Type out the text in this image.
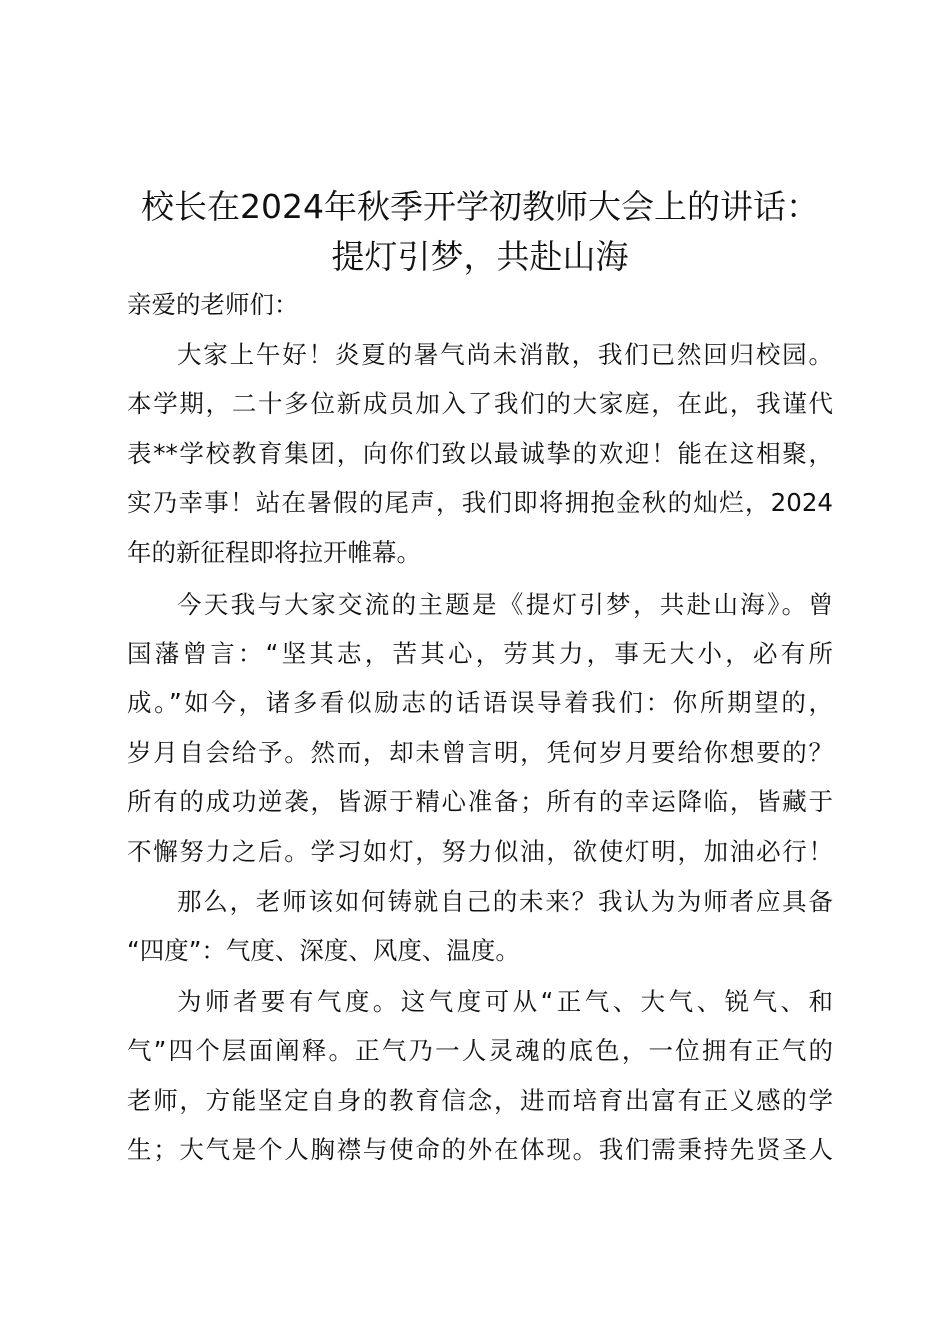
校长在2024年秋季开学初教师大会上的讲话：
提灯引梦，共赴山海

亲爱的老师们：

大家上午好！炎夏的暑气尚未消散，我们已然回归校园。

本学期，二十多位新成员加入了我们的大家庭，在此，我谨代

表**学校教育集团，向你们致以最诚挚的欢迎！能在这相聚，

实乃幸事！站在暑假的尾声，我们即将拥抱金秋的灿烂，2024

年的新征程即将拉开帷幕。

今天我与大家交流的主题是《提灯引梦，共赴山海》。曾

国藩曾言：“坚其志，苦其心，劳其力，事无大小，必有所

成。”如今，诸多看似励志的话语误导着我们：你所期望的，

岁月自会给予。然而，却未曾言明，凭何岁月要给你想要的？

所有的成功逆袭，皆源于精心准备；所有的幸运降临，皆藏于

不懈努力之后。学习如灯，努力似油，欲使灯明，加油必行！

那么，老师该如何铸就自己的未来？我认为为师者应具备

“四度”：气度、深度、风度、温度。

为师者要有气度。这气度可从“正气、大气、锐气、和

气”四个层面阐释。正气乃一人灵魂的底色，一位拥有正气的

老师，方能坚定自身的教育信念，进而培育出富有正义感的学

生；大气是个人胸襟与使命的外在体现。我们需秉持先贤圣人
